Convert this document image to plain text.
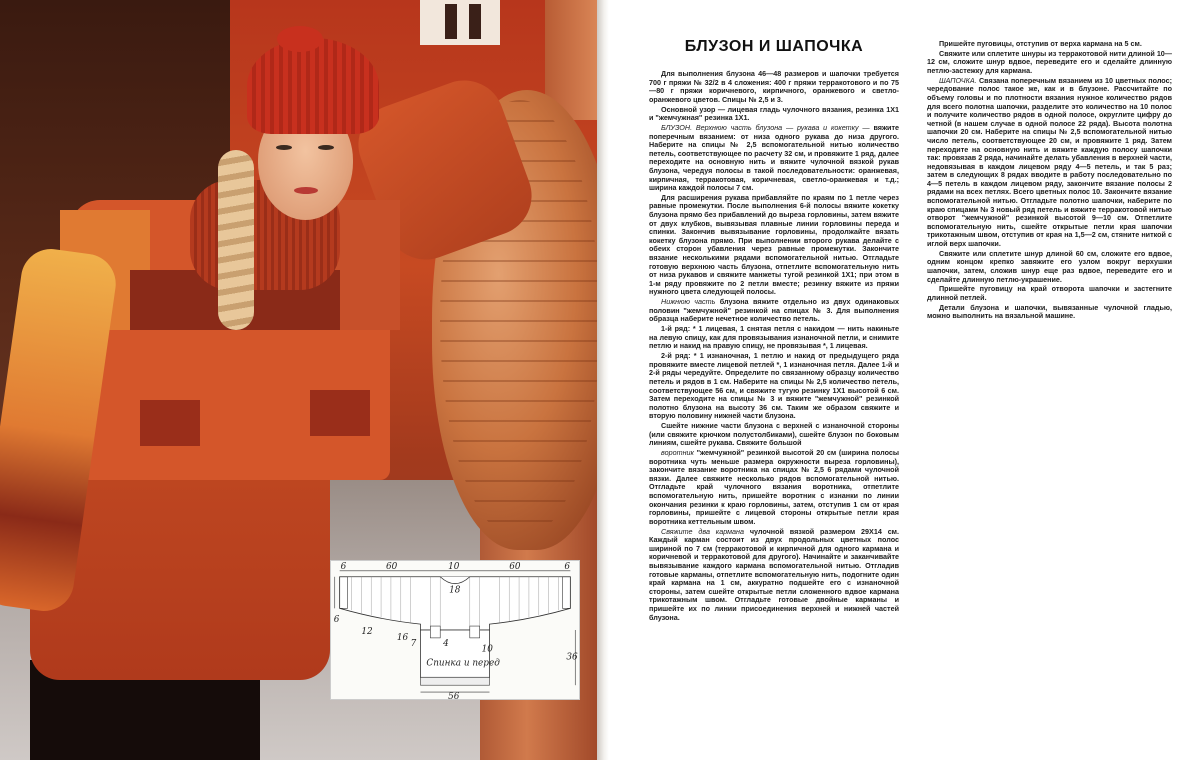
6	60	10
18
60	6
12
16
6
4
7
10
36
56
Спинка и перед
БЛУЗОН И ШАПОЧКА

Для выполнения блузона 46—48 размеров и шапочки требуется 700 г пряжи № 32/2 в 4 сложения: 400 г пряжи терракотового и по 75—80 г пряжи коричневого, кирпичного, оранжевого и светло-оранжевого цветов. Спицы № 2,5 и 3.

Основной узор — лицевая гладь чулочного вязания, резинка 1Х1 и "жемчужная" резинка 1Х1.

БЛУЗОН. Верхнюю часть блузона — рукава и кокетку — вяжите поперечным вязанием: от низа одного рукава до низа другого. Наберите на спицы № 2,5 вспомогательной нитью количество петель, соответствующее по расчету 32 см, и провяжите 1 ряд, далее переходите на основную нить и вяжите чулочной вязкой рукав блузона, чередуя полосы в такой последовательности: оранжевая, кирпичная, терракотовая, коричневая, светло-оранжевая и т.д.; ширина каждой полосы 7 см.

Для расширения рукава прибавляйте по краям по 1 петле через равные промежутки. После выполнения 6-й полосы вяжите кокетку блузона прямо без прибавлений до выреза горловины, затем вяжите от двух клубков, вывязывая плавные линии горловины переда и спинки. Закончив вывязывание горловины, продолжайте вязать кокетку блузона прямо. При выполнении второго рукава делайте с обеих сторон убавления через равные промежутки. Закончите вязание несколькими рядами вспомогательной нитью. Отгладьте готовую верхнюю часть блузона, отпетлите вспомогательную нить от низа рукавов и свяжите манжеты тугой резинкой 1Х1; при этом в 1-м ряду провяжите по 2 петли вместе; резинку вяжите из пряжи нужного цвета следующей полосы.

Нижнюю часть блузона вяжите отдельно из двух одинаковых половин "жемчужной" резинкой на спицах № 3. Для выполнения образца наберите нечетное количество петель.

1-й ряд: * 1 лицевая, 1 снятая петля с накидом — нить накиньте на левую спицу, как для провязывания изнаночной петли, и снимите петлю и накид на правую спицу, не провязывая *, 1 лицевая.

2-й ряд: * 1 изнаночная, 1 петлю и накид от предыдущего ряда провяжите вместе лицевой петлей *, 1 изнаночная петля. Далее 1-й и 2-й ряды чередуйте. Определите по связанному образцу количество петель и рядов в 1 см. Наберите на спицы № 2,5 количество петель, соответствующее 56 см, и свяжите тугую резинку 1Х1 высотой 6 см. Затем переходите на спицы № 3 и вяжите "жемчужной" резинкой полотно блузона на высоту 36 см. Таким же образом свяжите и вторую половину нижней части блузона.

Сшейте нижние части блузона с верхней с изнаночной стороны (или свяжите крючком полустолбиками), сшейте блузон по боковым линиям, сшейте рукава. Свяжите большой

воротник "жемчужной" резинкой высотой 20 см (ширина полосы воротника чуть меньше размера окружности выреза горловины), закончите вязание воротника на спицах № 2,5 6 рядами чулочной вязки. Далее свяжите несколько рядов вспомогательной нитью. Отгладьте край чулочного вязания воротника, отпетлите вспомогательную нить, пришейте воротник с изнанки по линии окончания резинки к краю горловины, затем, отступив 1 см от края горловины, пришейте с лицевой стороны открытые петли края воротника кеттельным швом.

Свяжите два карманa чулочной вязкой размером 29Х14 см. Каждый карман состоит из двух продольных цветных полос шириной по 7 см (терракотовой и кирпичной для одного кармана и коричневой и терракотовой для другого). Начинайте и заканчивайте вывязывание каждого кармана вспомогательной нитью. Отгладив готовые карманы, отпетлите вспомогательную нить, подогните один край кармана на 1 см, аккуратно подшейте его с изнаночной стороны, затем сшейте открытые петли сложенного вдвое кармана трикотажным швом. Отгладьте готовые двойные карманы и пришейте их по линии присоединения верхней и нижней частей блузона.

Пришейте пуговицы, отступив от верха кармана на 5 см.

Свяжите или сплетите шнуры из терракотовой нити длиной 10—12 см, сложите шнур вдвое, переведите его и сделайте длинную петлю-застежку для кармана.

ШАПОЧКА. Связана поперечным вязанием из 10 цветных полос; чередование полос такое же, как и в блузоне. Рассчитайте по объему головы и по плотности вязания нужное количество рядов для всего полотна шапочки, разделите это количество на 10 полос и получите количество рядов в одной полосе, округлите цифру до четной (в нашем случае в одной полосе 22 ряда). Высота полотна шапочки 20 см. Наберите на спицы № 2,5 вспомогательной нитью число петель, соответствующее 20 см, и провяжите 1 ряд. Затем переходите на основную нить и вяжите каждую полосу шапочки так: провязав 2 ряда, начинайте делать убавления в верхней части, недовязывая в каждом лицевом ряду 4—5 петель, и так 5 раз; затем в следующих 8 рядах вводите в работу последовательно по 4—5 петель в каждом лицевом ряду, закончите вязание полосы 2 рядами на всех петлях. Всего цветных полос 10. Закончите вязание вспомогательной нитью. Отгладьте полотно шапочки, наберите по краю спицами № 3 новый ряд петель и вяжите терракотовой нитью отворот "жемчужной" резинкой высотой 9—10 см. Отпетлите вспомогательную нить, сшейте открытые петли края шапочки трикотажным швом, отступив от края на 1,5—2 см, стяните ниткой с иглой верх шапочки.

Свяжите или сплетите шнур длиной 60 см, сложите его вдвое, одним концом крепко завяжите его узлом вокруг верхушки шапочки, затем, сложив шнур еще раз вдвое, переведите его и сделайте длинную петлю-украшение.

Пришейте пуговицу на край отворота шапочки и застегните длинной петлей.

Детали блузона и шапочки, вывязанные чулочной гладью, можно выполнить на вязальной машине.
